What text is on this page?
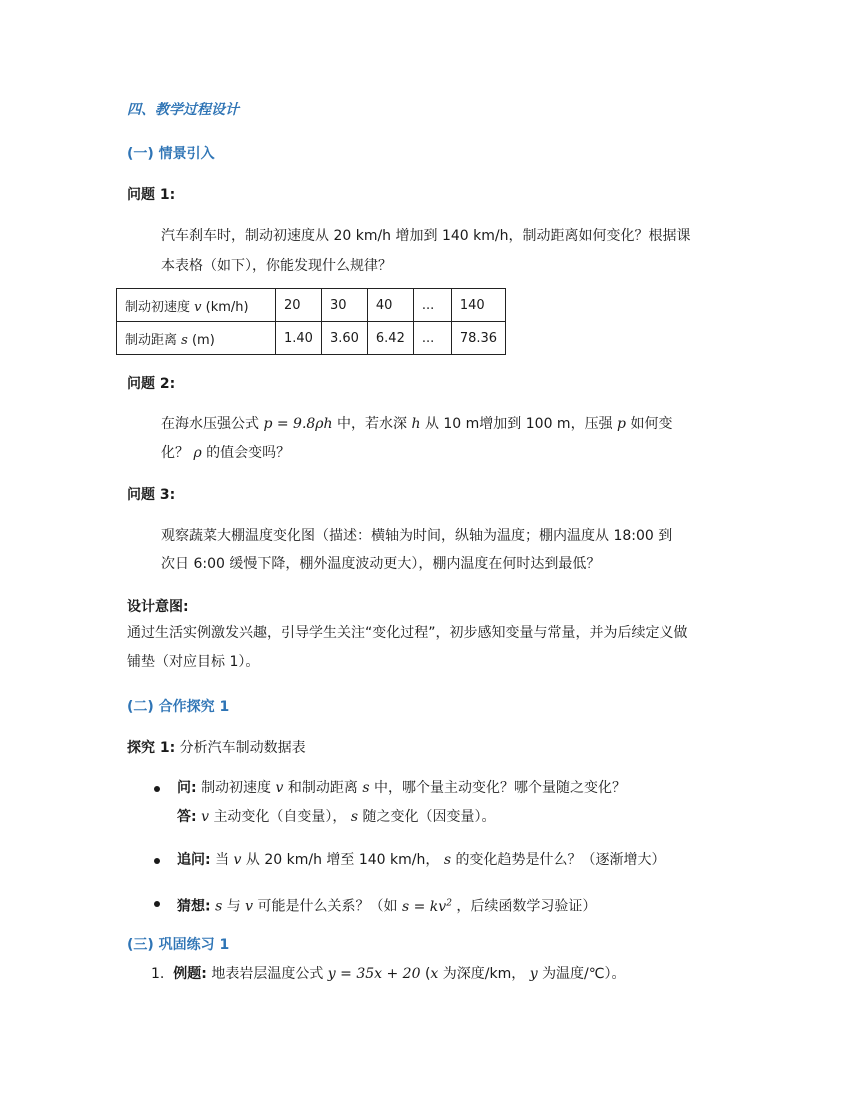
四、教学过程设计
(一) 情景引入
问题 1:
汽车刹车时，制动初速度从 20 km/h 增加到 140 km/h，制动距离如何变化？根据课
本表格（如下），你能发现什么规律？
制动初速度 v (km/h)	20	30	40	...	140
制动距离 s (m)	1.40	3.60	6.42	...	78.36
问题 2:
在海水压强公式 p = 9.8ρh 中，若水深 h 从 10 m增加到 100 m，压强 p 如何变
化？ ρ 的值会变吗？
问题 3:
观察蔬菜大棚温度变化图（描述：横轴为时间，纵轴为温度；棚内温度从 18:00 到
次日 6:00 缓慢下降，棚外温度波动更大），棚内温度在何时达到最低？
设计意图:
通过生活实例激发兴趣，引导学生关注“变化过程”，初步感知变量与常量，并为后续定义做
铺垫（对应目标 1）。
(二) 合作探究 1
探究 1: 分析汽车制动数据表
问: 制动初速度 v 和制动距离 s 中，哪个量主动变化？哪个量随之变化？
答: v 主动变化（自变量）， s 随之变化（因变量）。
追问: 当 v 从 20 km/h 增至 140 km/h， s 的变化趋势是什么？（逐渐增大）
猜想: s 与 v 可能是什么关系？（如 $s = kv^2$ ，后续函数学习验证）
(三) 巩固练习 1
1. 例题: 地表岩层温度公式 y = 35x + 20 (x 为深度/km， y 为温度/℃）。
